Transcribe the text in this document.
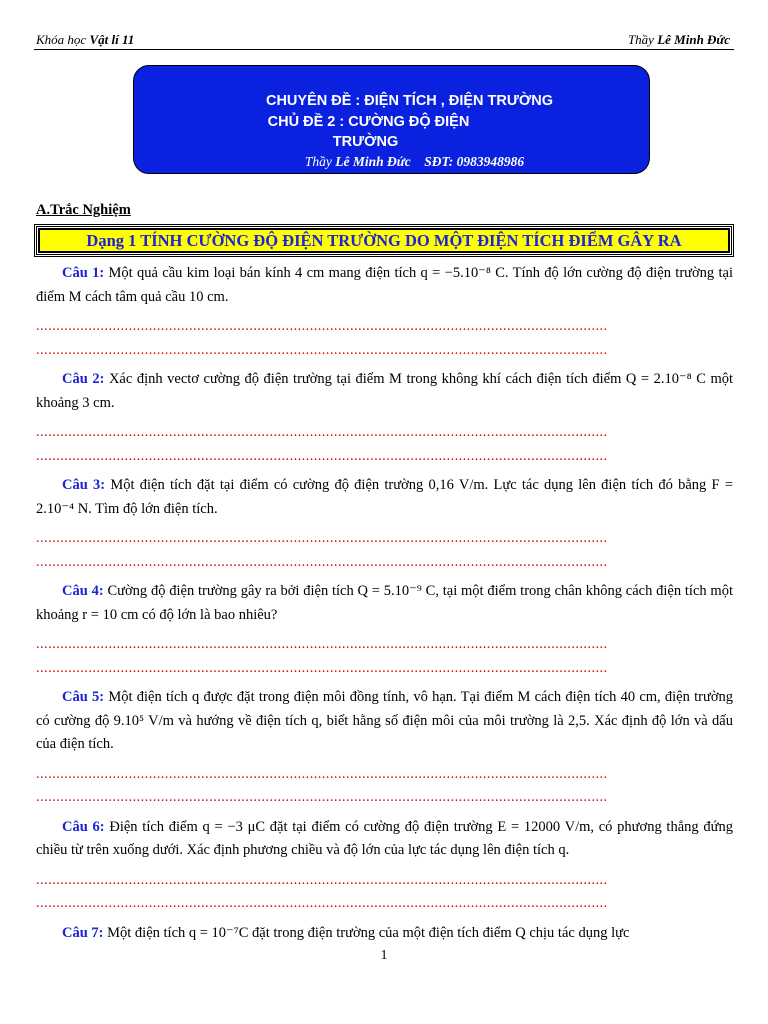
Khóa học Vật lí 11	Thầy Lê Minh Đức
CHUYÊN ĐỀ : ĐIỆN TÍCH , ĐIỆN TRƯỜNG
CHỦ ĐỀ 2 : CƯỜNG ĐỘ ĐIỆN
TRƯỜNG
Thầy Lê Minh Đức SĐT: 0983948986
A.Trắc Nghiệm
Dạng 1 TÍNH CƯỜNG ĐỘ ĐIỆN TRƯỜNG DO MỘT ĐIỆN TÍCH ĐIỂM GÂY RA

Câu 1: Một quả cầu kim loại bán kính 4 cm mang điện tích q = −5.10⁻⁸ C. Tính độ lớn cường độ điện trường tại điểm M cách tâm quả cầu 10 cm.

..............................................................................................................................................
..............................................................................................................................................

Câu 2: Xác định vectơ cường độ điện trường tại điểm M trong không khí cách điện tích điểm Q = 2.10⁻⁸ C một khoảng 3 cm.

..............................................................................................................................................
..............................................................................................................................................

Câu 3: Một điện tích đặt tại điểm có cường độ điện trường 0,16 V/m. Lực tác dụng lên điện tích đó bằng F = 2.10⁻⁴ N. Tìm độ lớn điện tích.

..............................................................................................................................................
..............................................................................................................................................

Câu 4: Cường độ điện trường gây ra bởi điện tích Q = 5.10⁻⁹ C, tại một điểm trong chân không cách điện tích một khoảng r = 10 cm có độ lớn là bao nhiêu?

..............................................................................................................................................
..............................................................................................................................................

Câu 5: Một điện tích q được đặt trong điện môi đồng tính, vô hạn. Tại điểm M cách điện tích 40 cm, điện trường có cường độ 9.10⁵ V/m và hướng về điện tích q, biết hằng số điện môi của môi trường là 2,5. Xác định độ lớn và dấu của điện tích.

..............................................................................................................................................
..............................................................................................................................................

Câu 6: Điện tích điểm q = −3 μC đặt tại điểm có cường độ điện trường E = 12000 V/m, có phương thẳng đứng chiều từ trên xuống dưới. Xác định phương chiều và độ lớn của lực tác dụng lên điện tích q.

..............................................................................................................................................
..............................................................................................................................................

Câu 7: Một điện tích q = 10⁻⁷C đặt trong điện trường của một điện tích điểm Q chịu tác dụng lực

1
